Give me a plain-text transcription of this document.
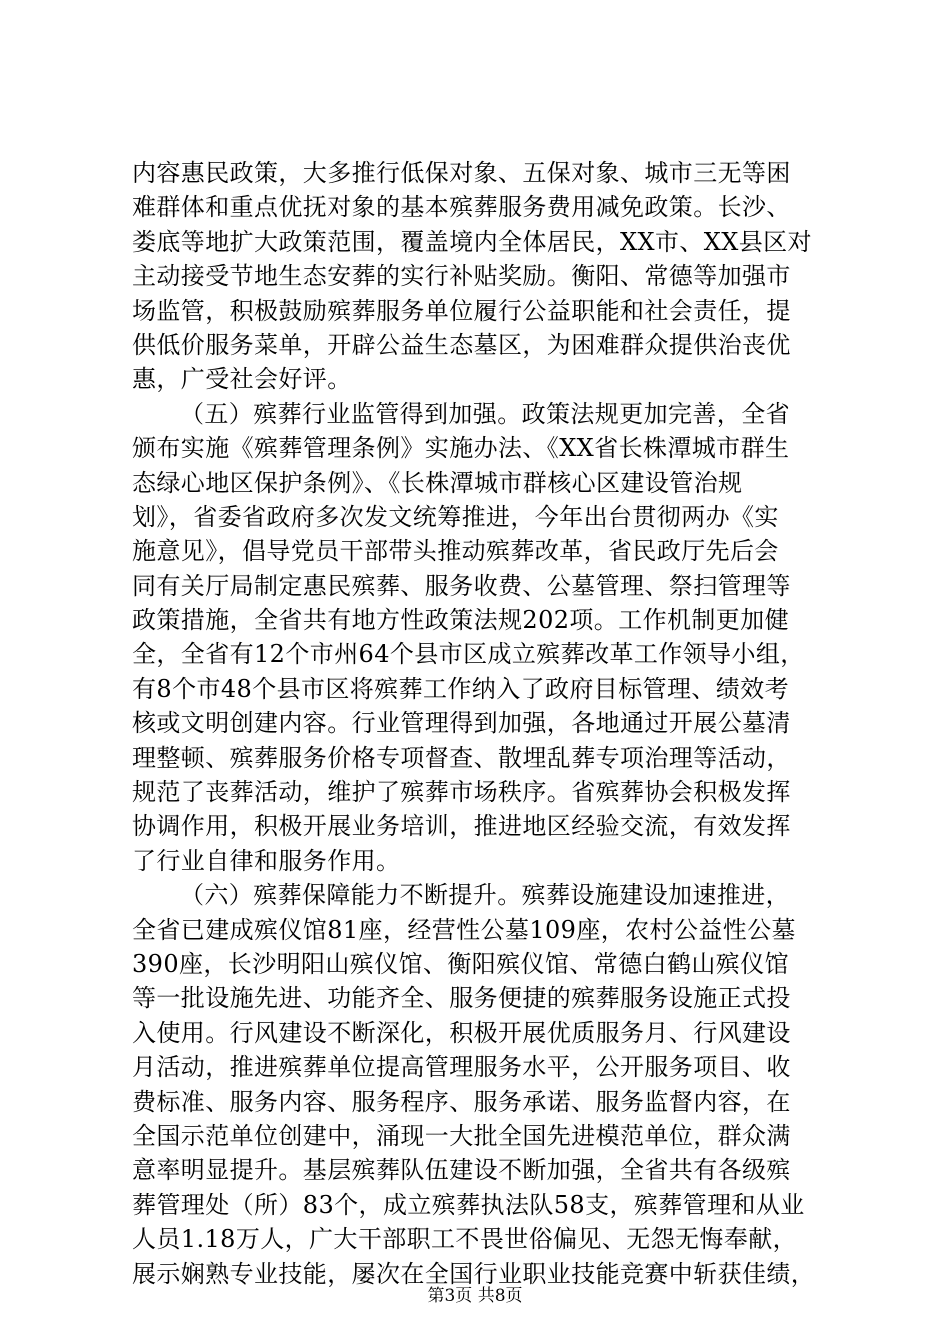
内容惠民政策，大多推行低保对象、五保对象、城市三无等困
难群体和重点优抚对象的基本殡葬服务费用减免政策。长沙、
娄底等地扩大政策范围，覆盖境内全体居民，XX市、XX县区对
主动接受节地生态安葬的实行补贴奖励。衡阳、常德等加强市
场监管，积极鼓励殡葬服务单位履行公益职能和社会责任，提
供低价服务菜单，开辟公益生态墓区，为困难群众提供治丧优
惠，广受社会好评。
（五）殡葬行业监管得到加强。政策法规更加完善，全省
颁布实施《殡葬管理条例》实施办法、《XX省长株潭城市群生
态绿心地区保护条例》、《长株潭城市群核心区建设管治规
划》，省委省政府多次发文统筹推进，今年出台贯彻两办《实
施意见》，倡导党员干部带头推动殡葬改革，省民政厅先后会
同有关厅局制定惠民殡葬、服务收费、公墓管理、祭扫管理等
政策措施，全省共有地方性政策法规202项。工作机制更加健
全，全省有12个市州64个县市区成立殡葬改革工作领导小组，
有8个市48个县市区将殡葬工作纳入了政府目标管理、绩效考
核或文明创建内容。行业管理得到加强，各地通过开展公墓清
理整顿、殡葬服务价格专项督查、散埋乱葬专项治理等活动，
规范了丧葬活动，维护了殡葬市场秩序。省殡葬协会积极发挥
协调作用，积极开展业务培训，推进地区经验交流，有效发挥
了行业自律和服务作用。
（六）殡葬保障能力不断提升。殡葬设施建设加速推进，
全省已建成殡仪馆81座，经营性公墓109座，农村公益性公墓
390座，长沙明阳山殡仪馆、衡阳殡仪馆、常德白鹤山殡仪馆
等一批设施先进、功能齐全、服务便捷的殡葬服务设施正式投
入使用。行风建设不断深化，积极开展优质服务月、行风建设
月活动，推进殡葬单位提高管理服务水平，公开服务项目、收
费标准、服务内容、服务程序、服务承诺、服务监督内容，在
全国示范单位创建中，涌现一大批全国先进模范单位，群众满
意率明显提升。基层殡葬队伍建设不断加强，全省共有各级殡
葬管理处（所）83个，成立殡葬执法队58支，殡葬管理和从业
人员1.18万人，广大干部职工不畏世俗偏见、无怨无悔奉献，
展示娴熟专业技能，屡次在全国行业职业技能竞赛中斩获佳绩，
第3页 共8页
